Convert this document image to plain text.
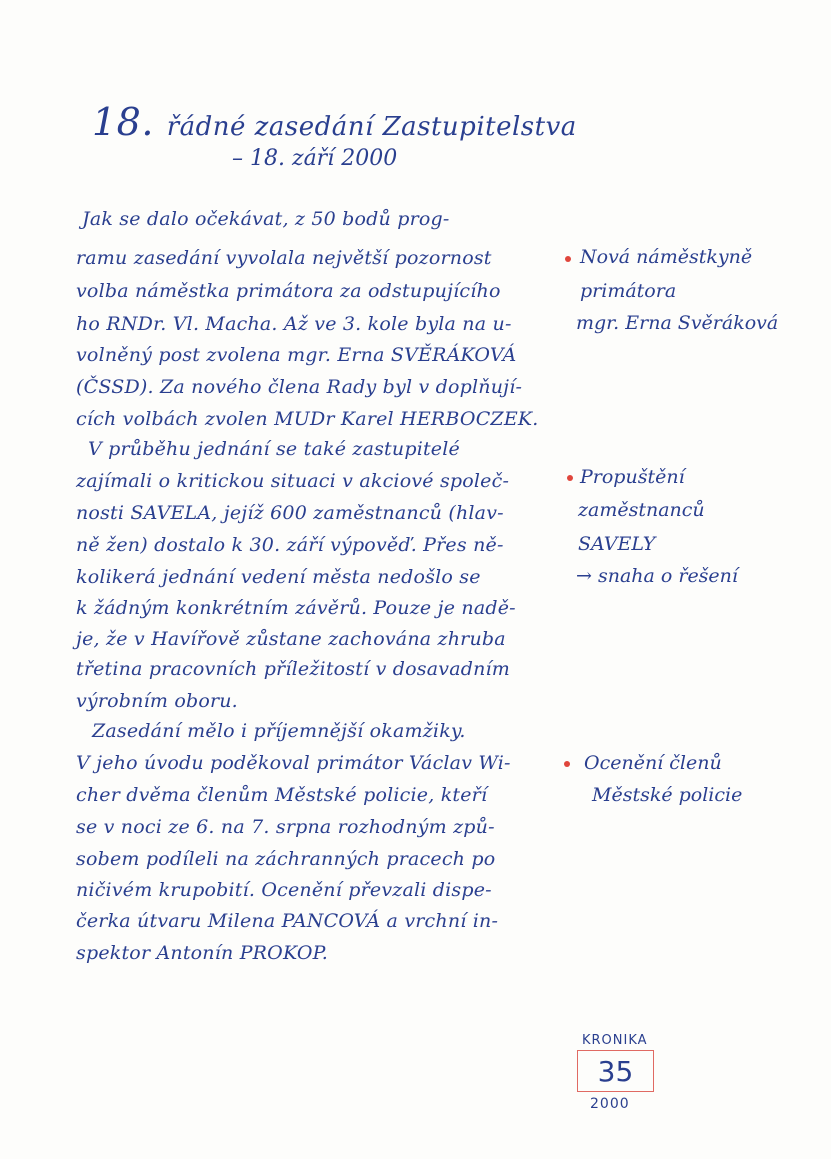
18. řádné zasedání Zastupitelstva
– 18. září 2000
Jak se dalo očekávat, z 50 bodů prog-
ramu zasedání vyvolala největší pozornost
volba náměstka primátora za odstupujícího
ho RNDr. Vl. Macha. Až ve 3. kole byla na u-
volněný post zvolena mgr. Erna SVĚRÁKOVÁ
(ČSSD). Za nového člena Rady byl v doplňují-
cích volbách zvolen MUDr Karel HERBOCZEK.
V průběhu jednání se také zastupitelé
zajímali o kritickou situaci v akciové společ-
nosti SAVELA, jejíž 600 zaměstnanců (hlav-
ně žen) dostalo k 30. září výpověď. Přes ně-
kolikerá jednání vedení města nedošlo se
k žádným konkrétním závěrů. Pouze je nadě-
je, že v Havířově zůstane zachována zhruba
třetina pracovních příležitostí v dosavadním
výrobním oboru.
Zasedání mělo i příjemnější okamžiky.
V jeho úvodu poděkoval primátor Václav Wi-
cher dvěma členům Městské policie, kteří
se v noci ze 6. na 7. srpna rozhodným způ-
sobem podíleli na záchranných pracech po
ničivém krupobití. Ocenění převzali dispe-
čerka útvaru Milena PANCOVÁ a vrchní in-
spektor Antonín PROKOP.
Nová náměstkyně
primátora
mgr. Erna Svěráková
Propuštění
zaměstnanců
SAVELY
→ snaha o řešení
Ocenění členů
Městské policie
KRONIKA
35
2000
